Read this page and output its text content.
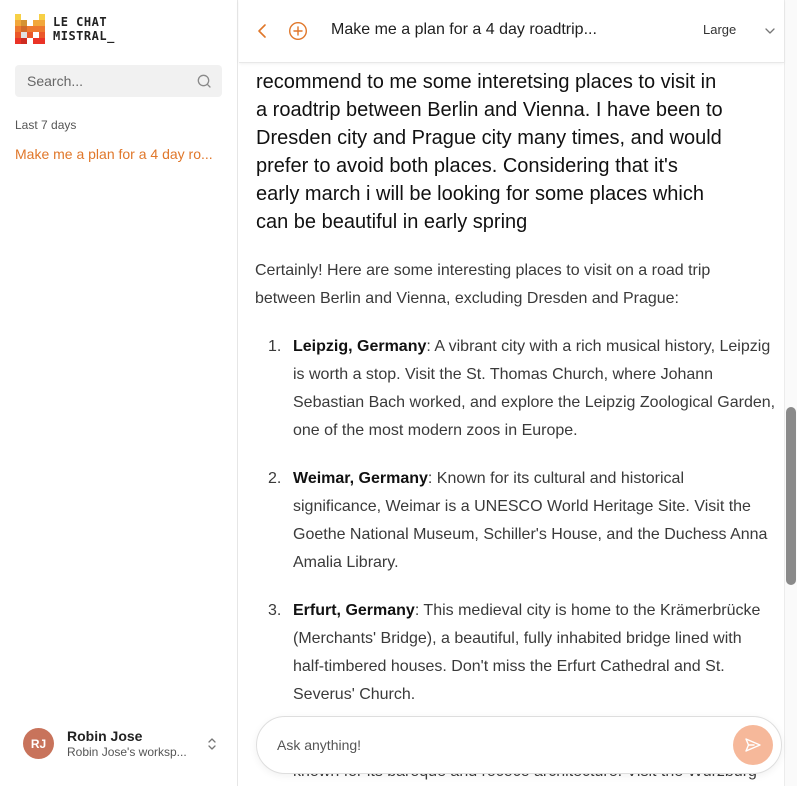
LE CHAT
MISTRAL_
Search...
Last 7 days
Make me a plan for a 4 day ro...
RJ	Robin Jose
Robin Jose's worksp...
recommend to me some interetsing places to visit in a roadtrip between Berlin and Vienna. I have been to Dresden city and Prague city many times, and would prefer to avoid both places. Considering that it's early march i will be looking for some places which can be beautiful in early spring
Certainly! Here are some interesting places to visit on a road trip between Berlin and Vienna, excluding Dresden and Prague:
1. Leipzig, Germany: A vibrant city with a rich musical history, Leipzig is worth a stop. Visit the St. Thomas Church, where Johann Sebastian Bach worked, and explore the Leipzig Zoological Garden, one of the most modern zoos in Europe.
2. Weimar, Germany: Known for its cultural and historical significance, Weimar is a UNESCO World Heritage Site. Visit the Goethe National Museum, Schiller's House, and the Duchess Anna Amalia Library.
3. Erfurt, Germany: This medieval city is home to the Krämerbrücke (Merchants' Bridge), a beautiful, fully inhabited bridge lined with half-timbered houses. Don't miss the Erfurt Cathedral and St. Severus' Church.
Make me a plan for a 4 day roadtrip...	Large
Ask anything!
